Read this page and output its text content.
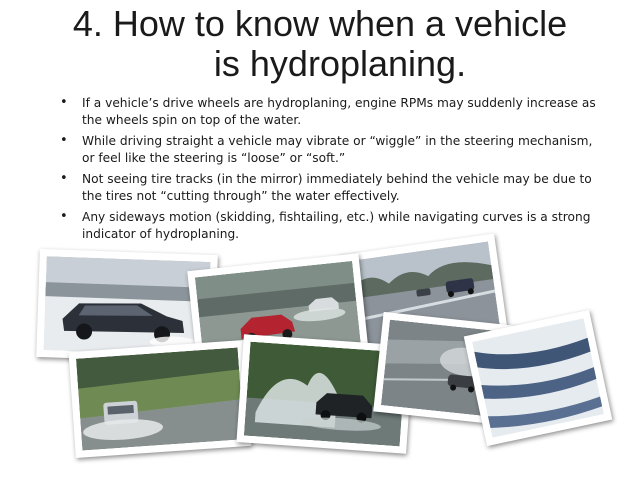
4. How to know when a vehicle
is hydroplaning.
• If a vehicle’s drive wheels are hydroplaning, engine RPMs may suddenly increase as the wheels spin on top of the water.
• While driving straight a vehicle may vibrate or “wiggle” in the steering mechanism, or feel like the steering is “loose” or “soft.”
• Not seeing tire tracks (in the mirror) immediately behind the vehicle may be due to the tires not “cutting through” the water effectively.
• Any sideways motion (skidding, fishtailing, etc.) while navigating curves is a strong indicator of hydroplaning.
